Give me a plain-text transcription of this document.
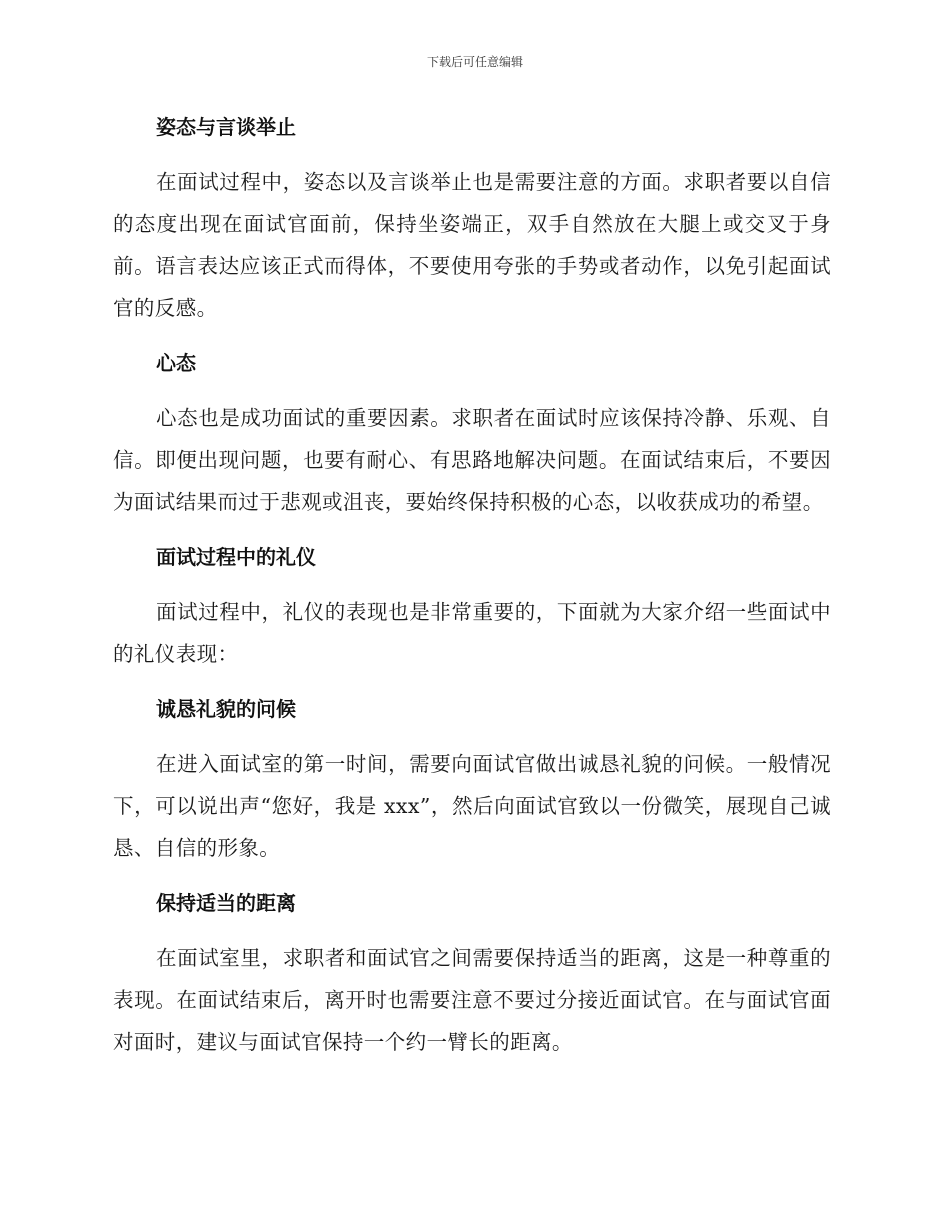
下载后可任意编辑
姿态与言谈举止

在面试过程中，姿态以及言谈举止也是需要注意的方面。求职者要以自信的态度出现在面试官面前，保持坐姿端正，双手自然放在大腿上或交叉于身前。语言表达应该正式而得体，不要使用夸张的手势或者动作，以免引起面试官的反感。

心态

心态也是成功面试的重要因素。求职者在面试时应该保持冷静、乐观、自信。即便出现问题，也要有耐心、有思路地解决问题。在面试结束后，不要因为面试结果而过于悲观或沮丧，要始终保持积极的心态，以收获成功的希望。

面试过程中的礼仪

面试过程中，礼仪的表现也是非常重要的，下面就为大家介绍一些面试中的礼仪表现：

诚恳礼貌的问候

在进入面试室的第一时间，需要向面试官做出诚恳礼貌的问候。一般情况下，可以说出声“您好，我是 xxx”，然后向面试官致以一份微笑，展现自己诚恳、自信的形象。

保持适当的距离

在面试室里，求职者和面试官之间需要保持适当的距离，这是一种尊重的表现。在面试结束后，离开时也需要注意不要过分接近面试官。在与面试官面对面时，建议与面试官保持一个约一臂长的距离。
